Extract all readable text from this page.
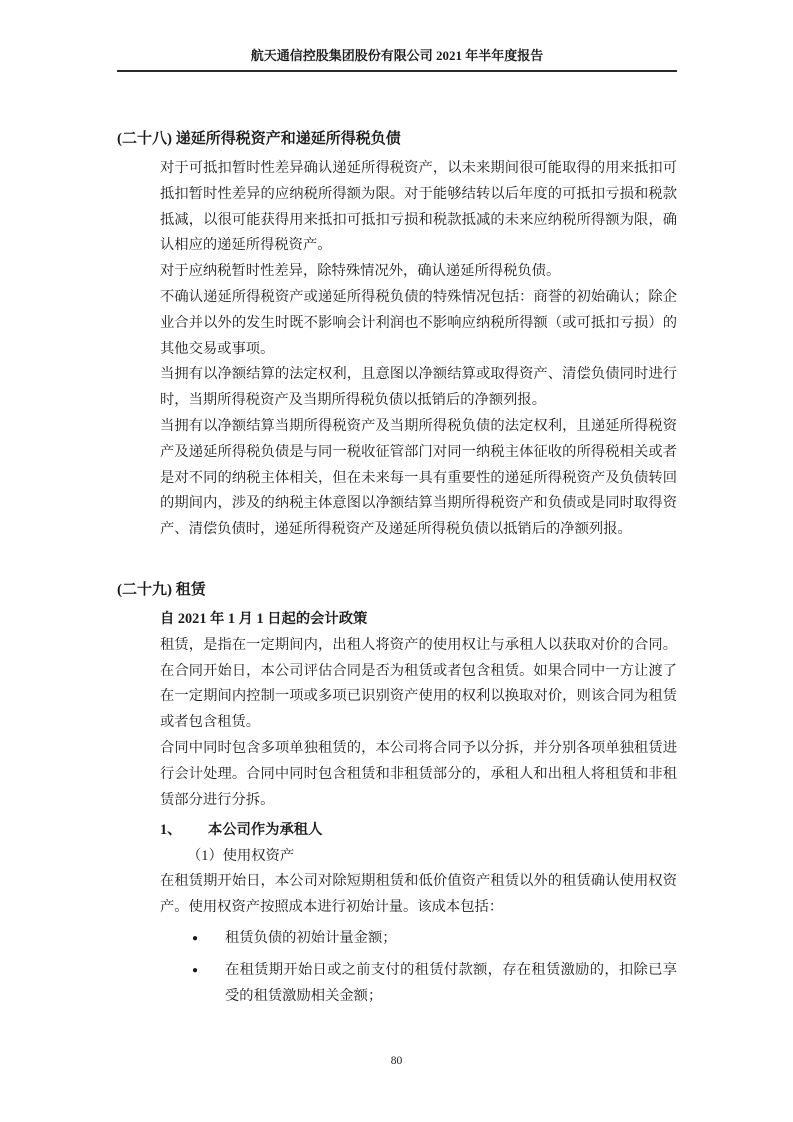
航天通信控股集团股份有限公司 2021 年半年度报告
(二十八) 递延所得税资产和递延所得税负债

对于可抵扣暂时性差异确认递延所得税资产，以未来期间很可能取得的用来抵扣可抵扣暂时性差异的应纳税所得额为限。对于能够结转以后年度的可抵扣亏损和税款抵减，以很可能获得用来抵扣可抵扣亏损和税款抵减的未来应纳税所得额为限，确认相应的递延所得税资产。

对于应纳税暂时性差异，除特殊情况外，确认递延所得税负债。

不确认递延所得税资产或递延所得税负债的特殊情况包括：商誉的初始确认；除企业合并以外的发生时既不影响会计利润也不影响应纳税所得额（或可抵扣亏损）的其他交易或事项。

当拥有以净额结算的法定权利，且意图以净额结算或取得资产、清偿负债同时进行时，当期所得税资产及当期所得税负债以抵销后的净额列报。

当拥有以净额结算当期所得税资产及当期所得税负债的法定权利，且递延所得税资产及递延所得税负债是与同一税收征管部门对同一纳税主体征收的所得税相关或者是对不同的纳税主体相关，但在未来每一具有重要性的递延所得税资产及负债转回的期间内，涉及的纳税主体意图以净额结算当期所得税资产和负债或是同时取得资产、清偿负债时，递延所得税资产及递延所得税负债以抵销后的净额列报。

(二十九) 租赁

自 2021 年 1 月 1 日起的会计政策

租赁，是指在一定期间内，出租人将资产的使用权让与承租人以获取对价的合同。在合同开始日，本公司评估合同是否为租赁或者包含租赁。如果合同中一方让渡了在一定期间内控制一项或多项已识别资产使用的权利以换取对价，则该合同为租赁或者包含租赁。

合同中同时包含多项单独租赁的，本公司将合同予以分拆，并分别各项单独租赁进行会计处理。合同中同时包含租赁和非租赁部分的，承租人和出租人将租赁和非租赁部分进行分拆。

1、	本公司作为承租人
（1）使用权资产

在租赁期开始日，本公司对除短期租赁和低价值资产租赁以外的租赁确认使用权资产。使用权资产按照成本进行初始计量。该成本包括：

●	租赁负债的初始计量金额；
●	在租赁期开始日或之前支付的租赁付款额，存在租赁激励的，扣除已享受的租赁激励相关金额；
80
